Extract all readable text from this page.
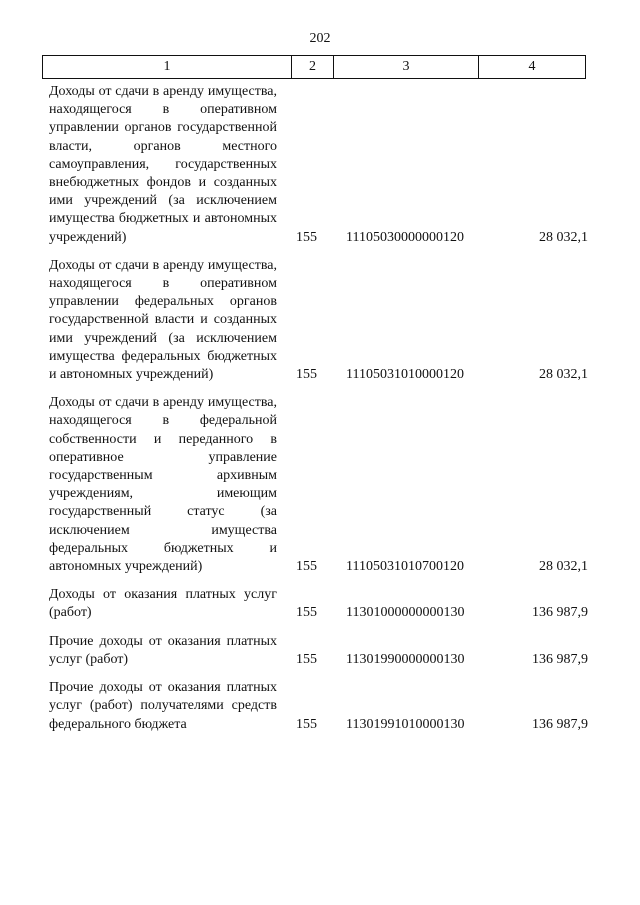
202
1	2	3	4
Доходы от сдачи в аренду имущества, находящегося в оперативном управлении органов государственной власти, органов местного самоуправления, государственных внебюджетных фондов и созданных ими учреждений (за исключением имущества бюджетных и автономных учреждений)	155 11105030000000120	28 032,1
Доходы от сдачи в аренду имущества, находящегося в оперативном управлении федеральных органов государственной власти и созданных ими учреждений (за исключением имущества федеральных бюджетных и автономных учреждений)	155 11105031010000120	28 032,1
Доходы от сдачи в аренду имущества, находящегося в федеральной собственности и переданного в оперативное управление государственным архивным учреждениям, имеющим государственный статус (за исключением имущества федеральных бюджетных и автономных учреждений)	155 11105031010700120	28 032,1
Доходы от оказания платных услуг (работ)	155 11301000000000130	136 987,9
Прочие доходы от оказания платных услуг (работ)	155 11301990000000130	136 987,9
Прочие доходы от оказания платных услуг (работ) получателями средств федерального бюджета	155 11301991010000130	136 987,9
